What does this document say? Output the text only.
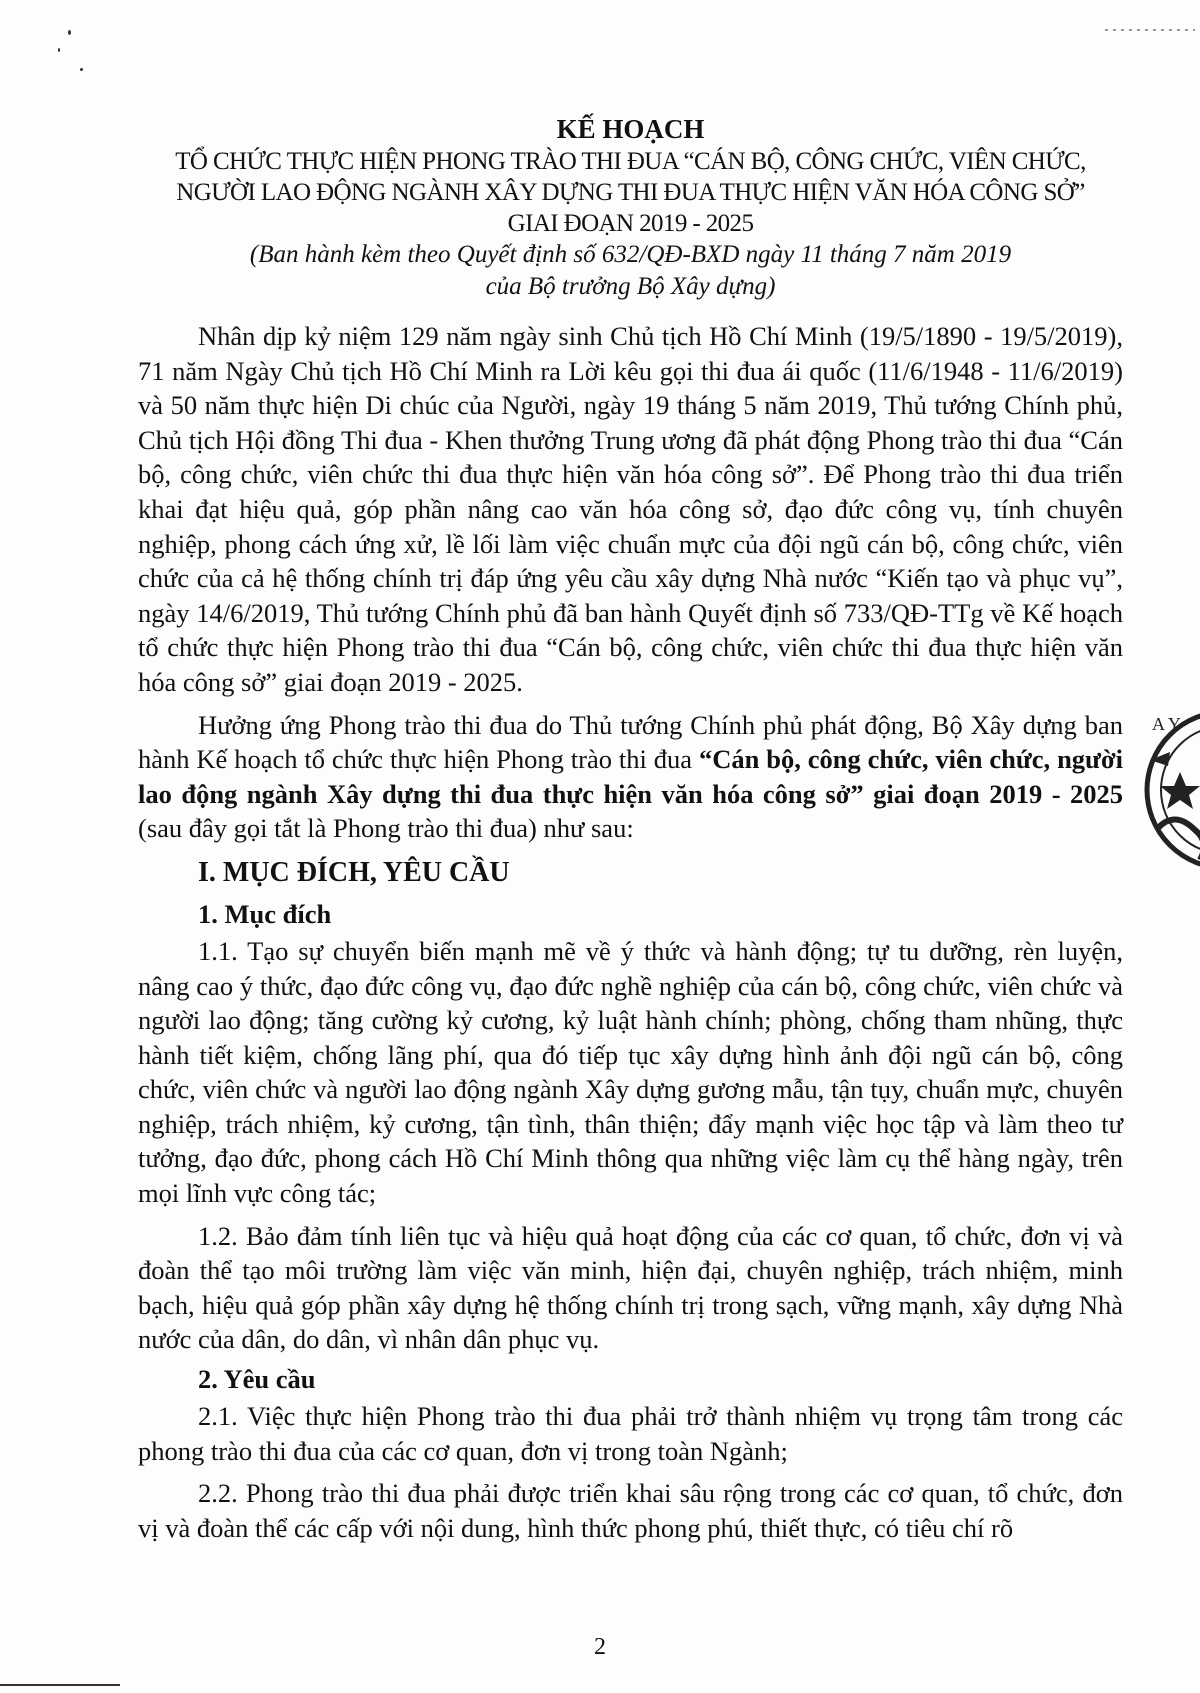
KẾ HOẠCH

TỔ CHỨC THỰC HIỆN PHONG TRÀO THI ĐUA “CÁN BỘ, CÔNG CHỨC, VIÊN CHỨC,

NGƯỜI LAO ĐỘNG NGÀNH XÂY DỰNG THI ĐUA THỰC HIỆN VĂN HÓA CÔNG SỞ”

GIAI ĐOẠN 2019 - 2025

(Ban hành kèm theo Quyết định số 632/QĐ-BXD ngày 11 tháng 7 năm 2019

của Bộ trưởng Bộ Xây dựng)

Nhân dịp kỷ niệm 129 năm ngày sinh Chủ tịch Hồ Chí Minh (19/5/1890 - 19/5/2019), 71 năm Ngày Chủ tịch Hồ Chí Minh ra Lời kêu gọi thi đua ái quốc (11/6/1948 - 11/6/2019) và 50 năm thực hiện Di chúc của Người, ngày 19 tháng 5 năm 2019, Thủ tướng Chính phủ, Chủ tịch Hội đồng Thi đua - Khen thưởng Trung ương đã phát động Phong trào thi đua “Cán bộ, công chức, viên chức thi đua thực hiện văn hóa công sở”. Để Phong trào thi đua triển khai đạt hiệu quả, góp phần nâng cao văn hóa công sở, đạo đức công vụ, tính chuyên nghiệp, phong cách ứng xử, lề lối làm việc chuẩn mực của đội ngũ cán bộ, công chức, viên chức của cả hệ thống chính trị đáp ứng yêu cầu xây dựng Nhà nước “Kiến tạo và phục vụ”, ngày 14/6/2019, Thủ tướng Chính phủ đã ban hành Quyết định số 733/QĐ-TTg về Kế hoạch tổ chức thực hiện Phong trào thi đua “Cán bộ, công chức, viên chức thi đua thực hiện văn hóa công sở” giai đoạn 2019 - 2025.

Hưởng ứng Phong trào thi đua do Thủ tướng Chính phủ phát động, Bộ Xây dựng ban hành Kế hoạch tổ chức thực hiện Phong trào thi đua “Cán bộ, công chức, viên chức, người lao động ngành Xây dựng thi đua thực hiện văn hóa công sở” giai đoạn 2019 - 2025 (sau đây gọi tắt là Phong trào thi đua) như sau:

I. MỤC ĐÍCH, YÊU CẦU

1. Mục đích

1.1. Tạo sự chuyển biến mạnh mẽ về ý thức và hành động; tự tu dưỡng, rèn luyện, nâng cao ý thức, đạo đức công vụ, đạo đức nghề nghiệp của cán bộ, công chức, viên chức và người lao động; tăng cường kỷ cương, kỷ luật hành chính; phòng, chống tham nhũng, thực hành tiết kiệm, chống lãng phí, qua đó tiếp tục xây dựng hình ảnh đội ngũ cán bộ, công chức, viên chức và người lao động ngành Xây dựng gương mẫu, tận tụy, chuẩn mực, chuyên nghiệp, trách nhiệm, kỷ cương, tận tình, thân thiện; đẩy mạnh việc học tập và làm theo tư tưởng, đạo đức, phong cách Hồ Chí Minh thông qua những việc làm cụ thể hàng ngày, trên mọi lĩnh vực công tác;

1.2. Bảo đảm tính liên tục và hiệu quả hoạt động của các cơ quan, tổ chức, đơn vị và đoàn thể tạo môi trường làm việc văn minh, hiện đại, chuyên nghiệp, trách nhiệm, minh bạch, hiệu quả góp phần xây dựng hệ thống chính trị trong sạch, vững mạnh, xây dựng Nhà nước của dân, do dân, vì nhân dân phục vụ.

2. Yêu cầu

2.1. Việc thực hiện Phong trào thi đua phải trở thành nhiệm vụ trọng tâm trong các phong trào thi đua của các cơ quan, đơn vị trong toàn Ngành;

2.2. Phong trào thi đua phải được triển khai sâu rộng trong các cơ quan, tổ chức, đơn vị và đoàn thể các cấp với nội dung, hình thức phong phú, thiết thực, có tiêu chí rõ

2
A Y
